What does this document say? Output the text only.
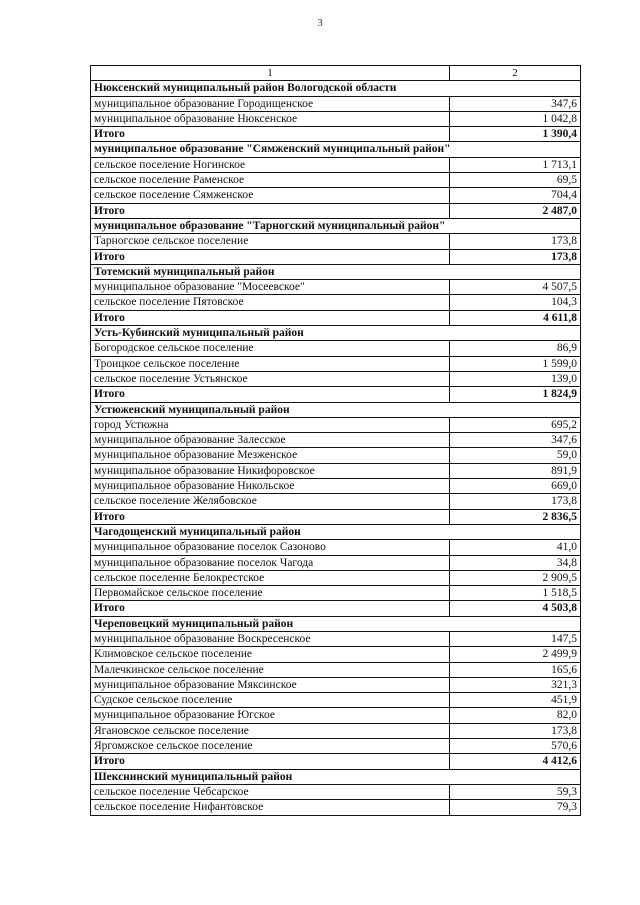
3
1	2
Нюксенский муниципальный район Вологодской области	
муниципальное образование Городищенское	347,6
муниципальное образование Нюксенское	1 042,8
Итого	1 390,4
муниципальное образование "Сямженский муниципальный район"	
сельское поселение Ногинское	1 713,1
сельское поселение Раменское	69,5
сельское поселение Сямженское	704,4
Итого	2 487,0
муниципальное образование "Тарногский муниципальный район"	
Тарногское сельское поселение	173,8
Итого	173,8
Тотемский муниципальный район	
муниципальное образование "Мосеевское"	4 507,5
сельское поселение Пятовское	104,3
Итого	4 611,8
Усть-Кубинский муниципальный район	
Богородское сельское поселение	86,9
Троицкое сельское поселение	1 599,0
сельское поселение Устьянское	139,0
Итого	1 824,9
Устюженский муниципальный район	
город Устюжна	695,2
муниципальное образование Залесское	347,6
муниципальное образование Мезженское	59,0
муниципальное образование Никифоровское	891,9
муниципальное образование Никольское	669,0
сельское поселение Желябовское	173,8
Итого	2 836,5
Чагодощенский муниципальный район	
муниципальное образование поселок Сазоново	41,0
муниципальное образование поселок Чагода	34,8
сельское поселение Белокрестское	2 909,5
Первомайское сельское поселение	1 518,5
Итого	4 503,8
Череповецкий муниципальный район	
муниципальное образование Воскресенское	147,5
Климовское сельское поселение	2 499,9
Малечкинское сельское поселение	165,6
муниципальное образование Мяксинское	321,3
Судское сельское поселение	451,9
муниципальное образование Югское	82,0
Ягановское сельское поселение	173,8
Яргомжское сельское поселение	570,6
Итого	4 412,6
Шекснинский муниципальный район	
сельское поселение Чебсарское	59,3
сельское поселение Нифантовское	79,3
